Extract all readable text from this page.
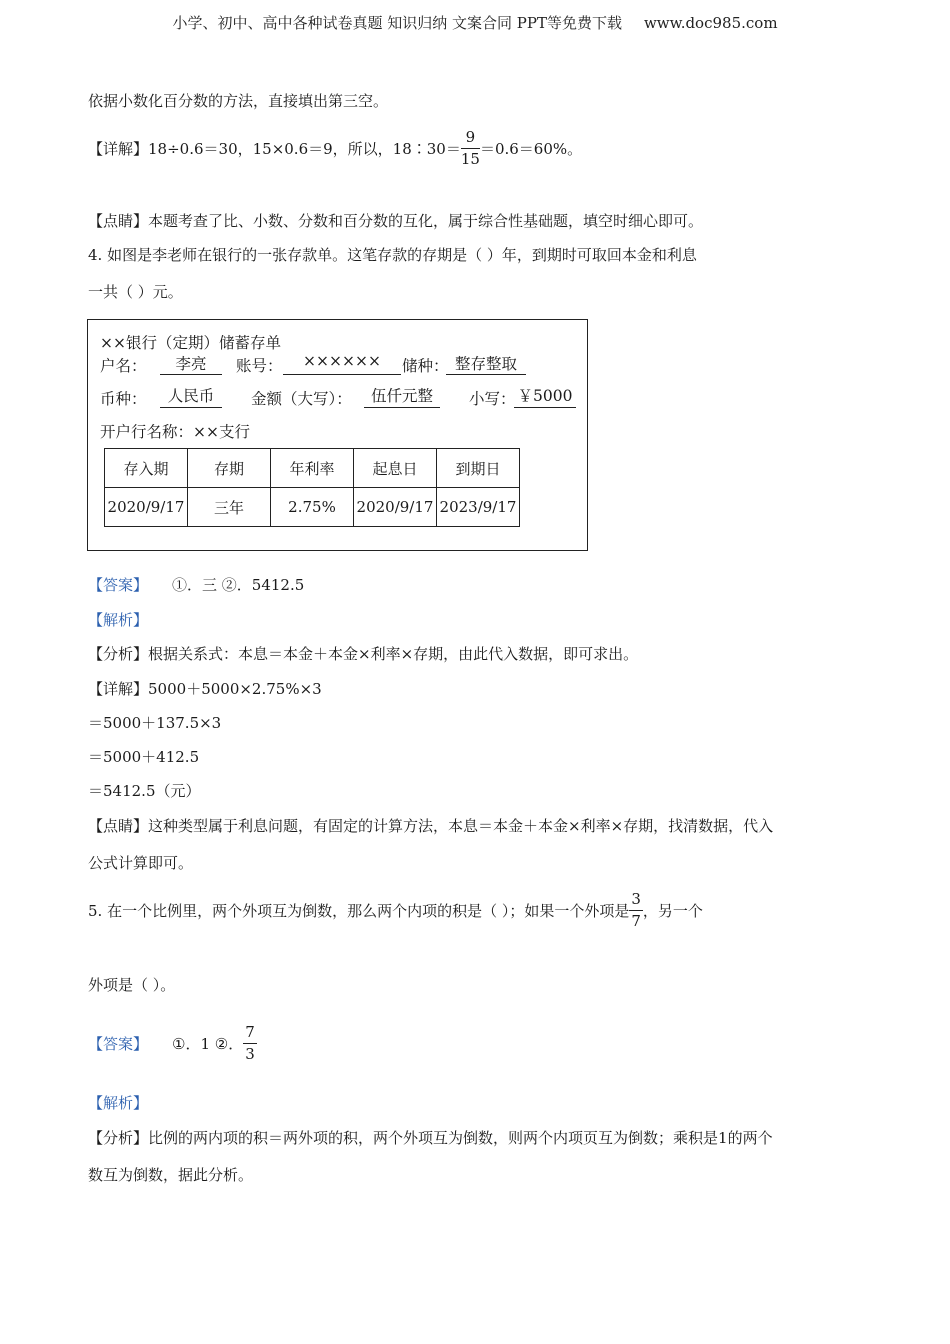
小学、初中、高中各种试卷真题 知识归纳 文案合同 PPT等免费下载 www.doc985.com
依据小数化百分数的方法，直接填出第三空。
【详解】 18÷0.6＝30，15×0.6＝9，所以，18∶30＝ $\frac{9}{15} =0.6=60\%$。
【点睛】本题考查了比、小数、分数和百分数的互化，属于综合性基础题，填空时细心即可。
4. 如图是李老师在银行的一张存款单。这笔存款的存期是（ ）年，到期时可取回本金和利息
一共（ ）元。
××银行（定期）储蓄存单
户名：	李亮	账号：	××××××	储种： 整存整取
币种：	人民币	金额（大写）：	伍仟元整	小写： ￥5000
开户行名称：××支行
存入期	存期	年利率	起息日	到期日
2020/9/17	三年	2.75%	2020/9/17	2023/9/17
【答案】 ①．三 ②．5412.5
【解析】
【分析】根据关系式：本息＝本金＋本金×利率×存期，由此代入数据，即可求出。
【详解】5000＋5000×2.75%×3
＝5000＋137.5×3
＝5000＋412.5
＝5412.5（元）
【点睛】这种类型属于利息问题，有固定的计算方法，本息＝本金＋本金×利率×存期，找清数据，代入
公式计算即可。
5. 在一个比例里，两个外项互为倒数，那么两个内项的积是（ ）；如果一个外项是 $\frac{3}{7}$ ，另一个
外项是（ ）。
【答案】 ①．1 ②． $\frac{7}{3}$
【解析】
【分析】比例的两内项的积＝两外项的积，两个外项互为倒数，则两个内项页互为倒数；乘积是1的两个
数互为倒数，据此分析。
